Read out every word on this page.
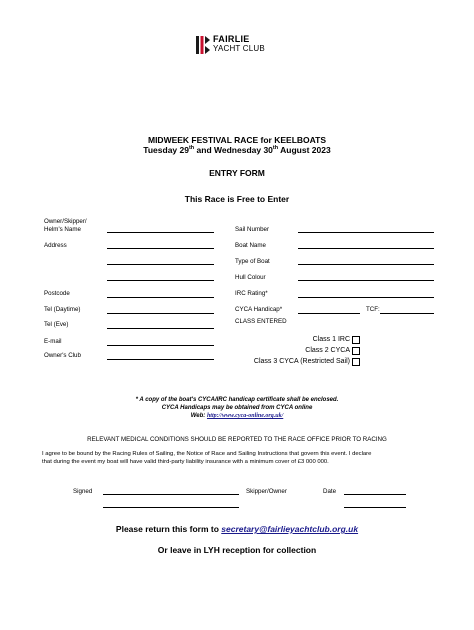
FAIRLIE
YACHT CLUB
MIDWEEK FESTIVAL RACE for KEELBOATS
Tuesday 29th and Wednesday 30th August 2023
ENTRY FORM
This Race is Free to Enter
Owner/Skipper/
Helm's Name
Address
Postcode
Tel (Daytime)
Tel (Eve)
E-mail
Owner's Club
Sail Number
Boat Name
Type of Boat
Hull Colour
IRC Rating*
CYCA Handicap*	TCF:
CLASS ENTERED
Class 1 IRC
Class 2 CYCA
Class 3 CYCA (Restricted Sail)
* A copy of the boat's CYCA/IRC handicap certificate shall be enclosed.
CYCA Handicaps may be obtained from CYCA online
Web: http://www.cyca-online.org.uk/
RELEVANT MEDICAL CONDITIONS SHOULD BE REPORTED TO THE RACE OFFICE PRIOR TO RACING
I agree to be bound by the Racing Rules of Sailing, the Notice of Race and Sailing Instructions that govern this event. I declare
that during the event my boat will have valid third-party liability insurance with a minimum cover of £3 000 000.
Signed	Skipper/Owner	Date
Please return this form to secretary@fairlieyachtclub.org.uk
Or leave in LYH reception for collection
